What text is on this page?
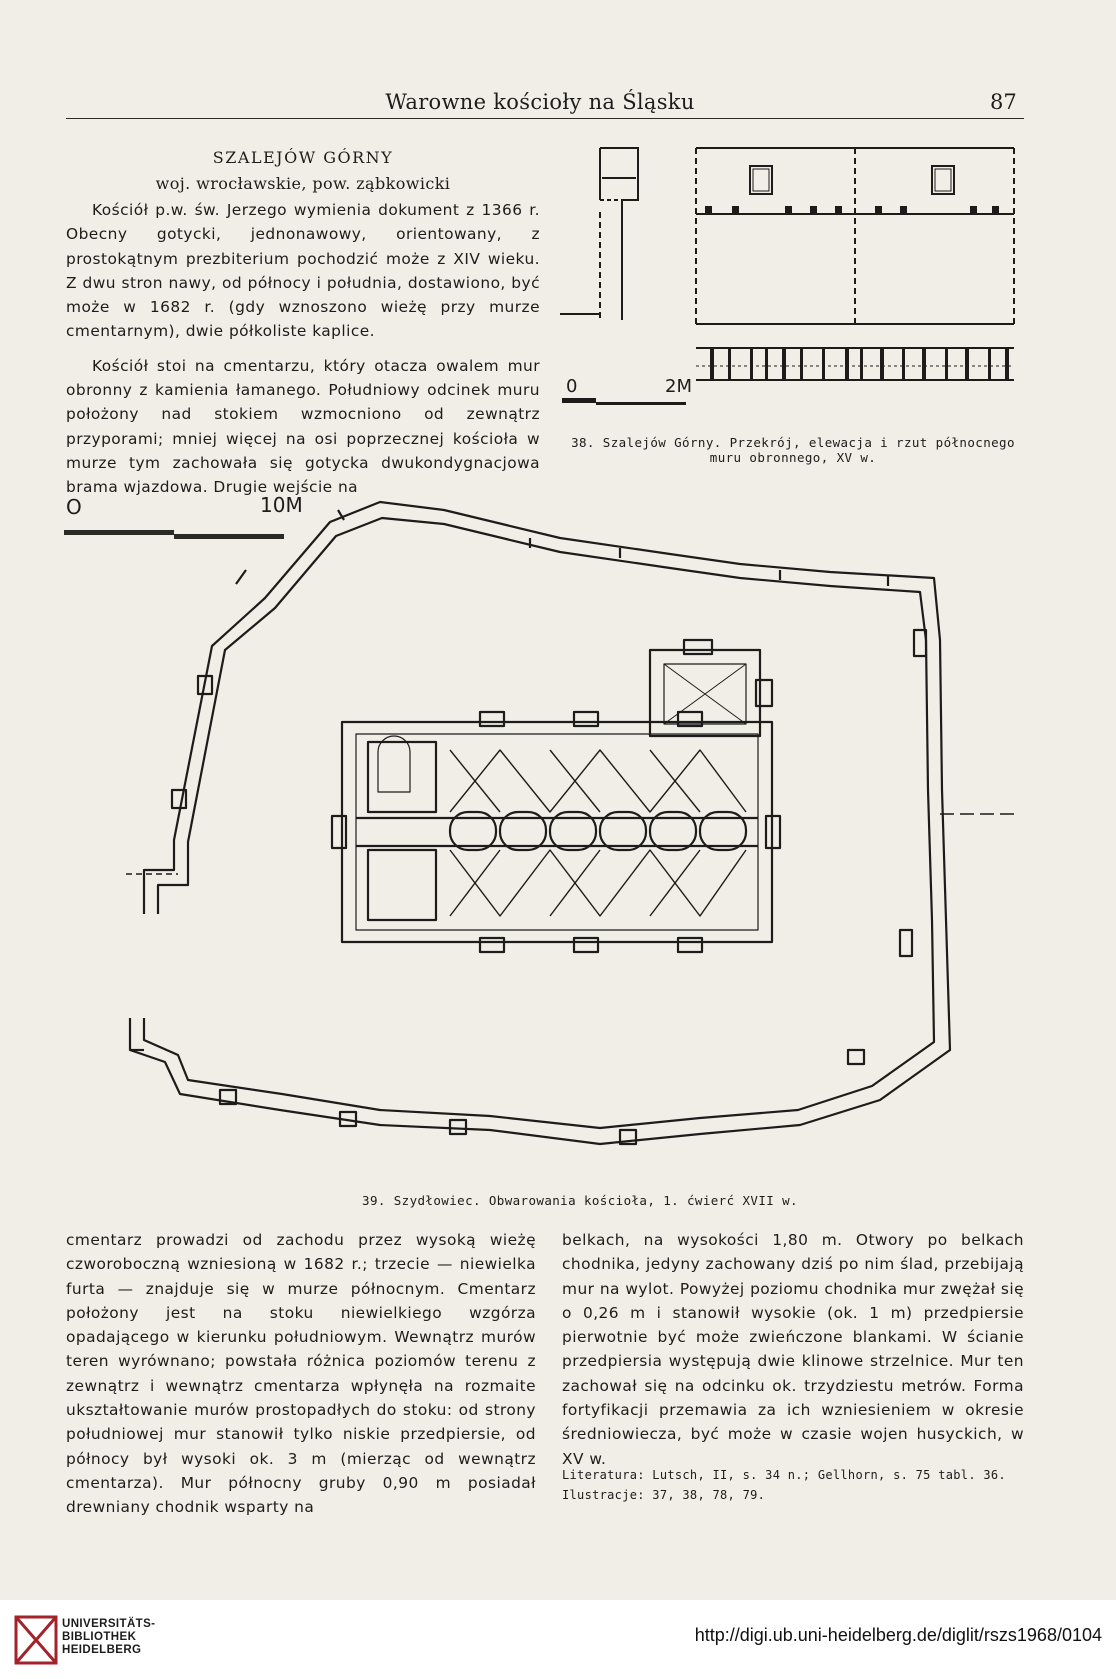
Warowne kościoły na Śląsku	87
SZALEJÓW GÓRNY
woj. wrocławskie, pow. ząbkowicki

Kościół p.w. św. Jerzego wymienia dokument z 1366 r. Obecny gotycki, jednonawowy, orientowany, z prostokątnym prezbiterium pochodzić może z XIV wieku. Z dwu stron nawy, od północy i południa, dostawiono, być może w 1682 r. (gdy wznoszono wieżę przy murze cmentarnym), dwie półkoliste kaplice.

Kościół stoi na cmentarzu, który otacza owalem mur obronny z kamienia łamanego. Południowy odcinek muru położony nad stokiem wzmocniono od zewnątrz przyporami; mniej więcej na osi poprzecznej kościoła w murze tym zachowała się gotycka dwukondygnacjowa brama wjazdowa. Drugie wejście na

0	2M
38. Szalejów Górny. Przekrój, elewacja i rzut północnego
muru obronnego, XV w.
O	10M
39. Szydłowiec. Obwarowania kościoła, 1. ćwierć XVII w.

cmentarz prowadzi od zachodu przez wysoką wieżę czworoboczną wzniesioną w 1682 r.; trzecie — niewielka furta — znajduje się w murze północnym. Cmentarz położony jest na stoku niewielkiego wzgórza opadającego w kierunku południowym. Wewnątrz murów teren wyrównano; powstała różnica poziomów terenu z zewnątrz i wewnątrz cmentarza wpłynęła na rozmaite ukształtowanie murów prostopadłych do stoku: od strony południowej mur stanowił tylko niskie przedpiersie, od północy był wysoki ok. 3 m (mierząc od wewnątrz cmentarza). Mur północny gruby 0,90 m posiadał drewniany chodnik wsparty na

belkach, na wysokości 1,80 m. Otwory po belkach chodnika, jedyny zachowany dziś po nim ślad, przebijają mur na wylot. Powyżej poziomu chodnika mur zwężał się o 0,26 m i stanowił wysokie (ok. 1 m) przedpiersie pierwotnie być może zwieńczone blankami. W ścianie przedpiersia występują dwie klinowe strzelnice. Mur ten zachował się na odcinku ok. trzydziestu metrów. Forma fortyfikacji przemawia za ich wzniesieniem w okresie średniowiecza, być może w czasie wojen husyckich, w XV w.

Literatura: Lutsch, II, s. 34 n.; Gellhorn, s. 75 tabl. 36.
Ilustracje: 37, 38, 78, 79.
UNIVERSITÄTS-
BIBLIOTHEK
HEIDELBERG
http://digi.ub.uni-heidelberg.de/diglit/rszs1968/0104
